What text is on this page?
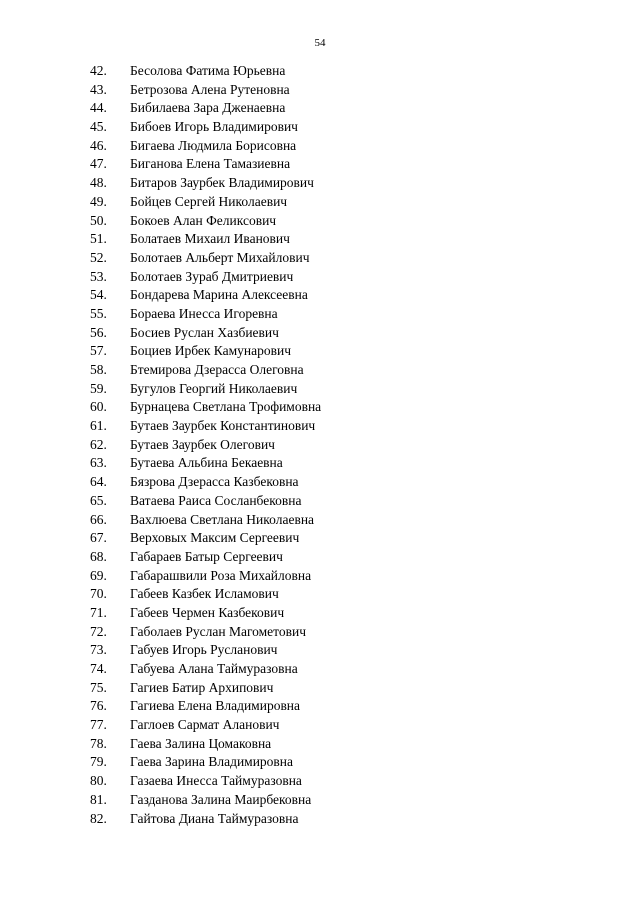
54
42.	Бесолова Фатима Юрьевна
43.	Бетрозова Алена Рутеновна
44.	Бибилаева Зара Дженаевна
45.	Бибоев Игорь Владимирович
46.	Бигаева Людмила Борисовна
47.	Биганова Елена Тамазиевна
48.	Битаров Заурбек Владимирович
49.	Бойцев Сергей Николаевич
50.	Бокоев Алан Феликсович
51.	Болатаев Михаил Иванович
52.	Болотаев Альберт Михайлович
53.	Болотаев Зураб Дмитриевич
54.	Бондарева Марина Алексеевна
55.	Бораева Инесса Игоревна
56.	Босиев Руслан Хазбиевич
57.	Боциев Ирбек Камунарович
58.	Бтемирова Дзерасса Олеговна
59.	Бугулов Георгий Николаевич
60.	Бурнацева Светлана Трофимовна
61.	Бутаев Заурбек Константинович
62.	Бутаев Заурбек Олегович
63.	Бутаева Альбина Бекаевна
64.	Бязрова Дзерасса Казбековна
65.	Ватаева Раиса Сосланбековна
66.	Вахлюева Светлана Николаевна
67.	Верховых Максим Сергеевич
68.	Габараев Батыр Сергеевич
69.	Габарашвили Роза Михайловна
70.	Габеев Казбек Исламович
71.	Габеев Чермен Казбекович
72.	Габолаев Руслан Магометович
73.	Габуев Игорь Русланович
74.	Габуева Алана Таймуразовна
75.	Гагиев Батир Архипович
76.	Гагиева Елена Владимировна
77.	Гаглоев Сармат Аланович
78.	Гаева Залина Цомаковна
79.	Гаева Зарина Владимировна
80.	Газаева Инесса Таймуразовна
81.	Газданова Залина Маирбековна
82.	Гайтова Диана Таймуразовна
